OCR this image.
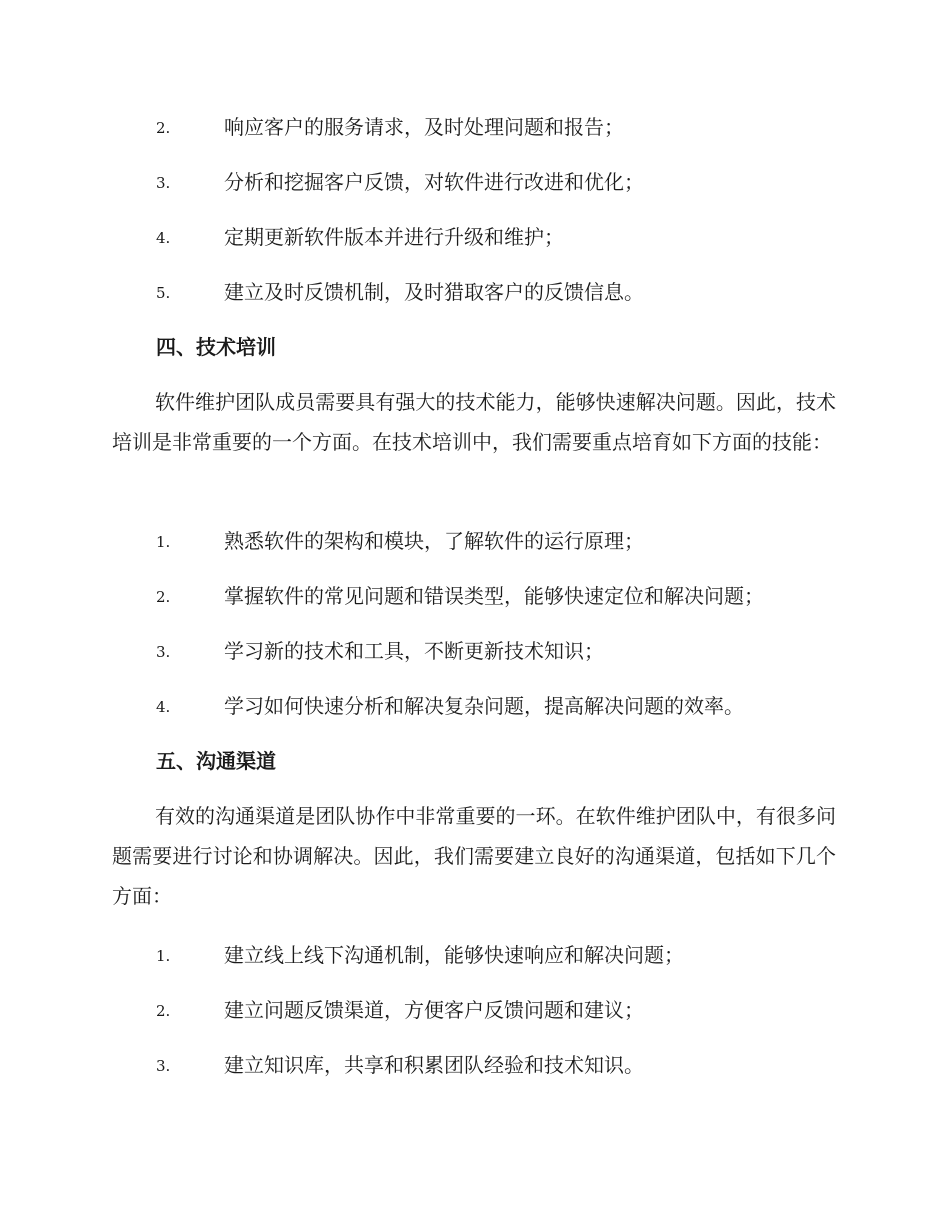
2.	响应客户的服务请求，及时处理问题和报告；
3.	分析和挖掘客户反馈，对软件进行改进和优化；
4.	定期更新软件版本并进行升级和维护；
5.	建立及时反馈机制，及时猎取客户的反馈信息。
四、技术培训
软件维护团队成员需要具有强大的技术能力，能够快速解决问题。因此，技术培训是非常重要的一个方面。在技术培训中，我们需要重点培育如下方面的技能：
1.	熟悉软件的架构和模块，了解软件的运行原理；
2.	掌握软件的常见问题和错误类型，能够快速定位和解决问题；
3.	学习新的技术和工具，不断更新技术知识；
4.	学习如何快速分析和解决复杂问题，提高解决问题的效率。
五、沟通渠道
有效的沟通渠道是团队协作中非常重要的一环。在软件维护团队中，有很多问题需要进行讨论和协调解决。因此，我们需要建立良好的沟通渠道，包括如下几个方面：
1.	建立线上线下沟通机制，能够快速响应和解决问题；
2.	建立问题反馈渠道，方便客户反馈问题和建议；
3.	建立知识库，共享和积累团队经验和技术知识。
